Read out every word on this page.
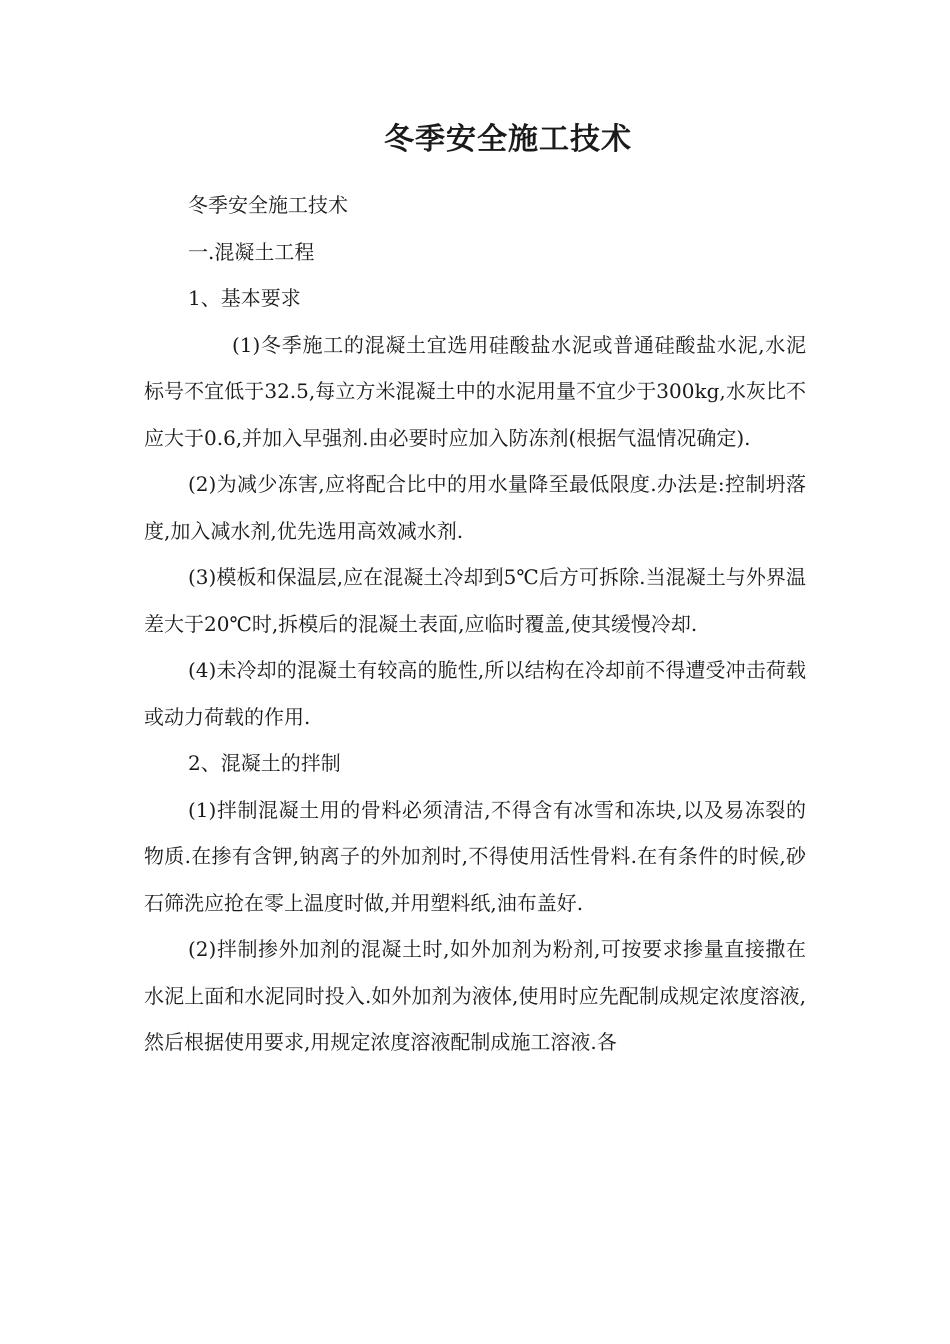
冬季安全施工技术

冬季安全施工技术

一.混凝土工程

1、基本要求

(1)冬季施工的混凝土宜选用硅酸盐水泥或普通硅酸盐水泥,水泥标号不宜低于32.5,每立方米混凝土中的水泥用量不宜少于300kg,水灰比不应大于0.6,并加入早强剂.由必要时应加入防冻剂(根据气温情况确定).

(2)为减少冻害,应将配合比中的用水量降至最低限度.办法是:控制坍落度,加入减水剂,优先选用高效减水剂.

(3)模板和保温层,应在混凝土冷却到5℃后方可拆除.当混凝土与外界温差大于20℃时,拆模后的混凝土表面,应临时覆盖,使其缓慢冷却.

(4)未冷却的混凝土有较高的脆性,所以结构在冷却前不得遭受冲击荷载或动力荷载的作用.

2、混凝土的拌制

(1)拌制混凝土用的骨料必须清洁,不得含有冰雪和冻块,以及易冻裂的物质.在掺有含钾,钠离子的外加剂时,不得使用活性骨料.在有条件的时候,砂石筛洗应抢在零上温度时做,并用塑料纸,油布盖好.

(2)拌制掺外加剂的混凝土时,如外加剂为粉剂,可按要求掺量直接撒在水泥上面和水泥同时投入.如外加剂为液体,使用时应先配制成规定浓度溶液,然后根据使用要求,用规定浓度溶液配制成施工溶液.各
